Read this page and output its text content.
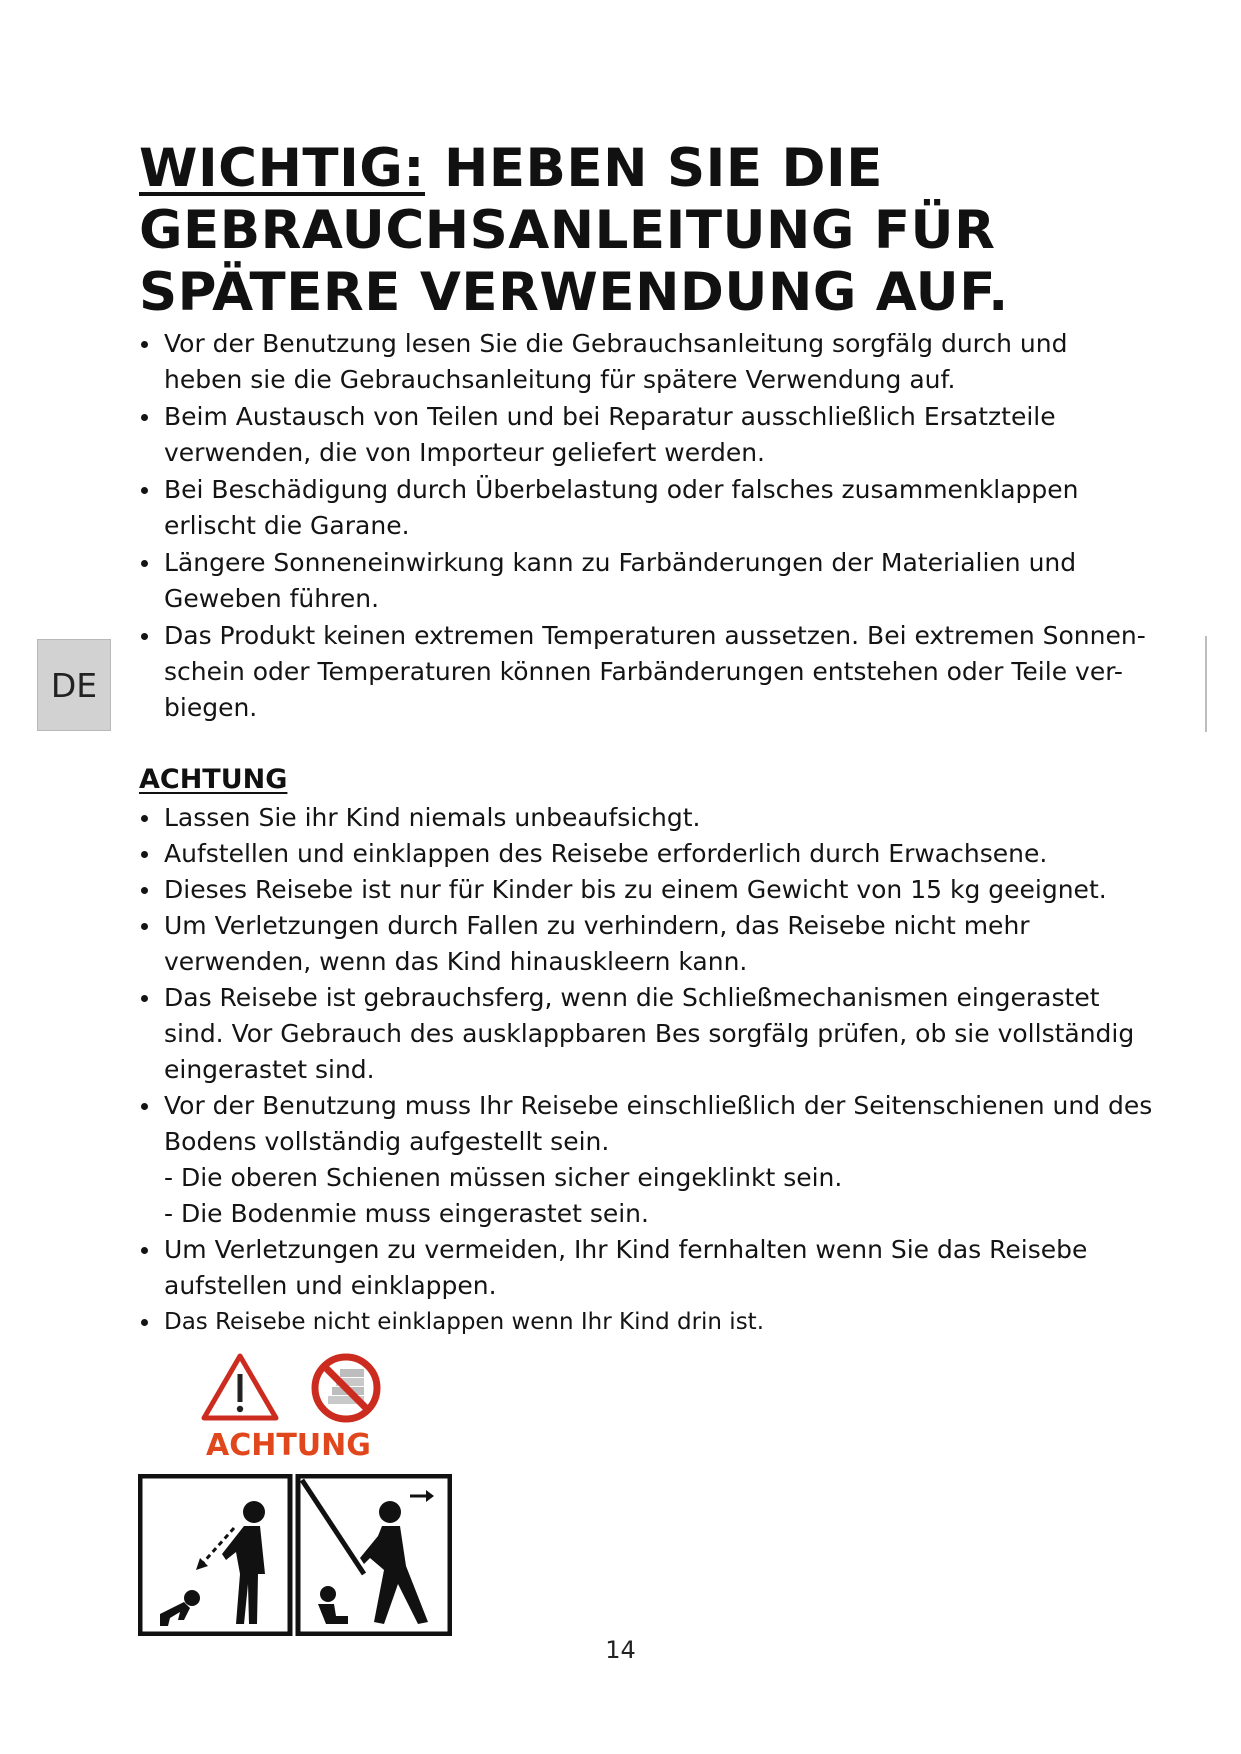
WICHTIG: HEBEN SIE DIE GEBRAUCHSANLEITUNG FÜR SPÄTERE VERWENDUNG AUF.
DE
Vor der Benutzung lesen Sie die Gebrauchsanleitung sorgfälg durch und
heben sie die Gebrauchsanleitung für spätere Verwendung auf.
Beim Austausch von Teilen und bei Reparatur ausschließlich Ersatzteile
verwenden, die von Importeur geliefert werden.
Bei Beschädigung durch Überbelastung oder falsches zusammenklappen
erlischt die Garane.
Längere Sonneneinwirkung kann zu Farbänderungen der Materialien und
Geweben führen.
Das Produkt keinen extremen Temperaturen aussetzen. Bei extremen Sonnen-
schein oder Temperaturen können Farbänderungen entstehen oder Teile ver-
biegen.
ACHTUNG
Lassen Sie ihr Kind niemals unbeaufsichgt.
Aufstellen und einklappen des Reisebe erforderlich durch Erwachsene.
Dieses Reisebe ist nur für Kinder bis zu einem Gewicht von 15 kg geeignet.
Um Verletzungen durch Fallen zu verhindern, das Reisebe nicht mehr
verwenden, wenn das Kind hinauskleern kann.
Das Reisebe ist gebrauchsferg, wenn die Schließmechanismen eingerastet
sind. Vor Gebrauch des ausklappbaren Bes sorgfälg prüfen, ob sie vollständig
eingerastet sind.
Vor der Benutzung muss Ihr Reisebe einschließlich der Seitenschienen und des
Bodens vollständig aufgestellt sein.
- Die oberen Schienen müssen sicher eingeklinkt sein.
- Die Bodenmie muss eingerastet sein.
Um Verletzungen zu vermeiden, Ihr Kind fernhalten wenn Sie das Reisebe
aufstellen und einklappen.
Das Reisebe nicht einklappen wenn Ihr Kind drin ist.
ACHTUNG
14
